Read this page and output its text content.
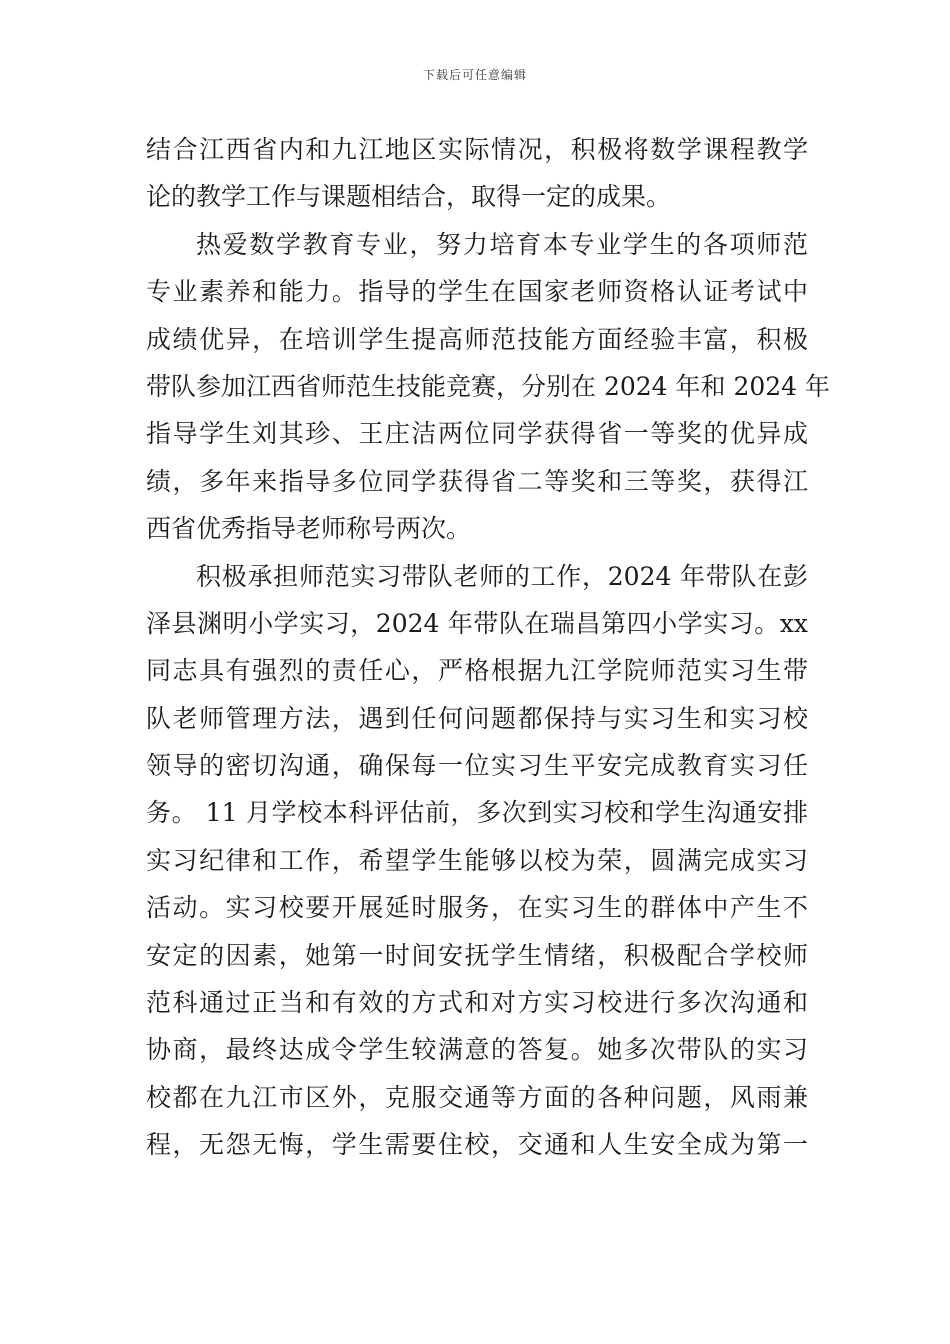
下载后可任意编辑
结合江西省内和九江地区实际情况，积极将数学课程教学
论的教学工作与课题相结合，取得一定的成果。
热爱数学教育专业，努力培育本专业学生的各项师范
专业素养和能力。指导的学生在国家老师资格认证考试中
成绩优异，在培训学生提高师范技能方面经验丰富，积极
带队参加江西省师范生技能竞赛，分别在 2024 年和 2024 年
指导学生刘其珍、王庄洁两位同学获得省一等奖的优异成
绩，多年来指导多位同学获得省二等奖和三等奖，获得江
西省优秀指导老师称号两次。
积极承担师范实习带队老师的工作，2024 年带队在彭
泽县渊明小学实习，2024 年带队在瑞昌第四小学实习。xx
同志具有强烈的责任心，严格根据九江学院师范实习生带
队老师管理方法，遇到任何问题都保持与实习生和实习校
领导的密切沟通，确保每一位实习生平安完成教育实习任
务。 11 月学校本科评估前，多次到实习校和学生沟通安排
实习纪律和工作，希望学生能够以校为荣，圆满完成实习
活动。实习校要开展延时服务，在实习生的群体中产生不
安定的因素，她第一时间安抚学生情绪，积极配合学校师
范科通过正当和有效的方式和对方实习校进行多次沟通和
协商，最终达成令学生较满意的答复。她多次带队的实习
校都在九江市区外，克服交通等方面的各种问题，风雨兼
程，无怨无悔，学生需要住校，交通和人生安全成为第一
